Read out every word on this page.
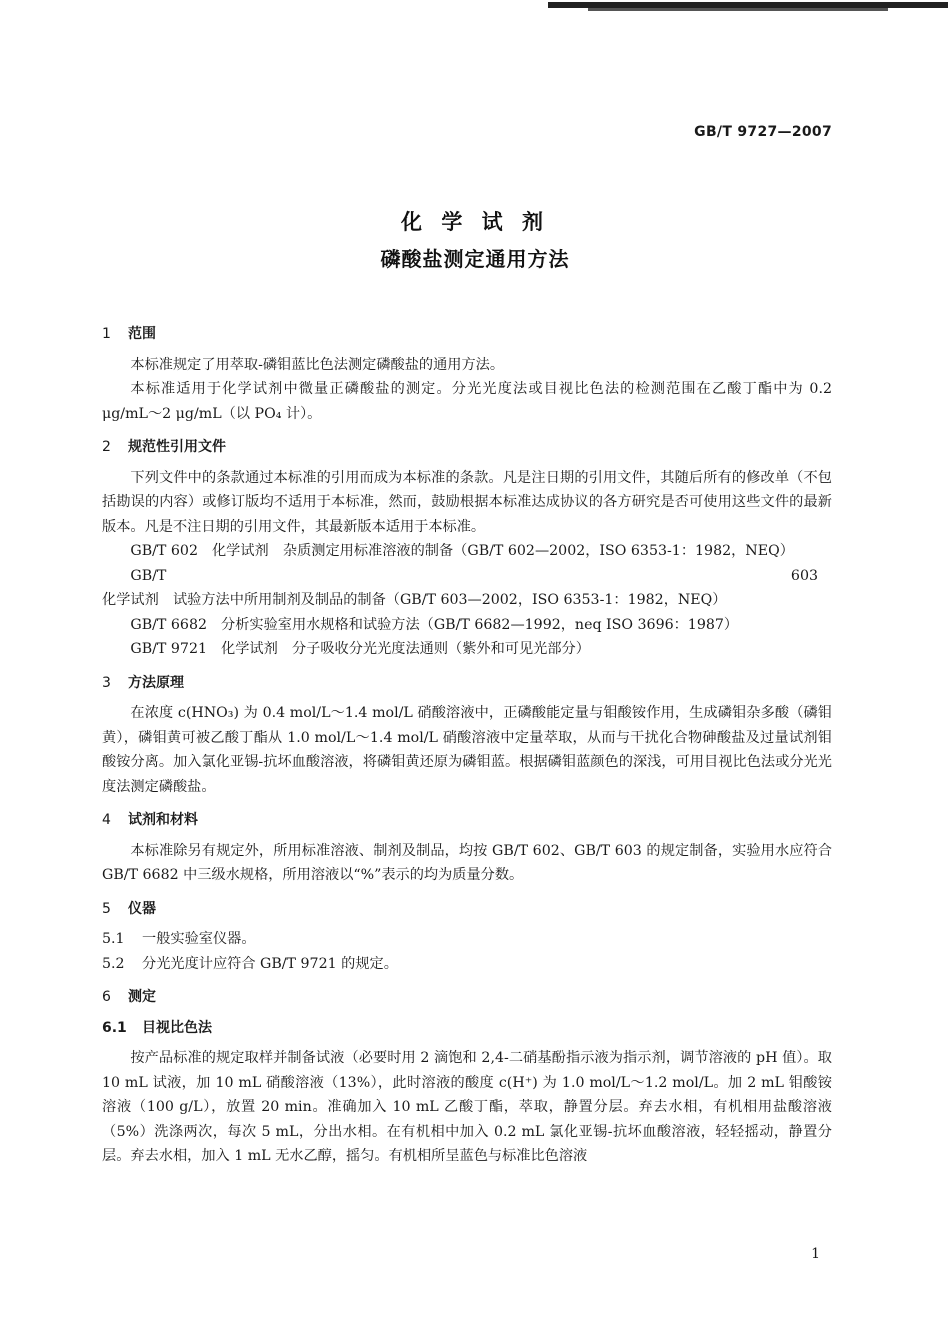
GB/T 9727—2007
化 学 试 剂
磷酸盐测定通用方法
1 范围

本标准规定了用萃取-磷钼蓝比色法测定磷酸盐的通用方法。

本标准适用于化学试剂中微量正磷酸盐的测定。分光光度法或目视比色法的检测范围在乙酸丁酯中为 0.2 μg/mL～2 μg/mL（以 PO₄ 计）。

2 规范性引用文件

下列文件中的条款通过本标准的引用而成为本标准的条款。凡是注日期的引用文件，其随后所有的修改单（不包括勘误的内容）或修订版均不适用于本标准，然而，鼓励根据本标准达成协议的各方研究是否可使用这些文件的最新版本。凡是不注日期的引用文件，其最新版本适用于本标准。

GB/T 602 化学试剂　杂质测定用标准溶液的制备（GB/T 602—2002，ISO 6353-1：1982，NEQ）

GB/T 603化学试剂　试验方法中所用制剂及制品的制备（GB/T 603—2002，ISO 6353-1：1982，NEQ）

GB/T 6682 分析实验室用水规格和试验方法（GB/T 6682—1992，neq ISO 3696：1987）

GB/T 9721 化学试剂　分子吸收分光光度法通则（紫外和可见光部分）

3 方法原理

在浓度 c(HNO₃) 为 0.4 mol/L～1.4 mol/L 硝酸溶液中，正磷酸能定量与钼酸铵作用，生成磷钼杂多酸（磷钼黄），磷钼黄可被乙酸丁酯从 1.0 mol/L～1.4 mol/L 硝酸溶液中定量萃取，从而与干扰化合物砷酸盐及过量试剂钼酸铵分离。加入氯化亚锡-抗坏血酸溶液，将磷钼黄还原为磷钼蓝。根据磷钼蓝颜色的深浅，可用目视比色法或分光光度法测定磷酸盐。

4 试剂和材料

本标准除另有规定外，所用标准溶液、制剂及制品，均按 GB/T 602、GB/T 603 的规定制备，实验用水应符合 GB/T 6682 中三级水规格，所用溶液以“%”表示的均为质量分数。

5 仪器
5.1 一般实验室仪器。
5.2 分光光度计应符合 GB/T 9721 的规定。
6 测定
6.1 目视比色法

按产品标准的规定取样并制备试液（必要时用 2 滴饱和 2,4-二硝基酚指示液为指示剂，调节溶液的 pH 值）。取 10 mL 试液，加 10 mL 硝酸溶液（13%），此时溶液的酸度 c(H⁺) 为 1.0 mol/L～1.2 mol/L。加 2 mL 钼酸铵溶液（100 g/L），放置 20 min。准确加入 10 mL 乙酸丁酯，萃取，静置分层。弃去水相，有机相用盐酸溶液（5%）洗涤两次，每次 5 mL，分出水相。在有机相中加入 0.2 mL 氯化亚锡-抗坏血酸溶液，轻轻摇动，静置分层。弃去水相，加入 1 mL 无水乙醇，摇匀。有机相所呈蓝色与标准比色溶液

1
